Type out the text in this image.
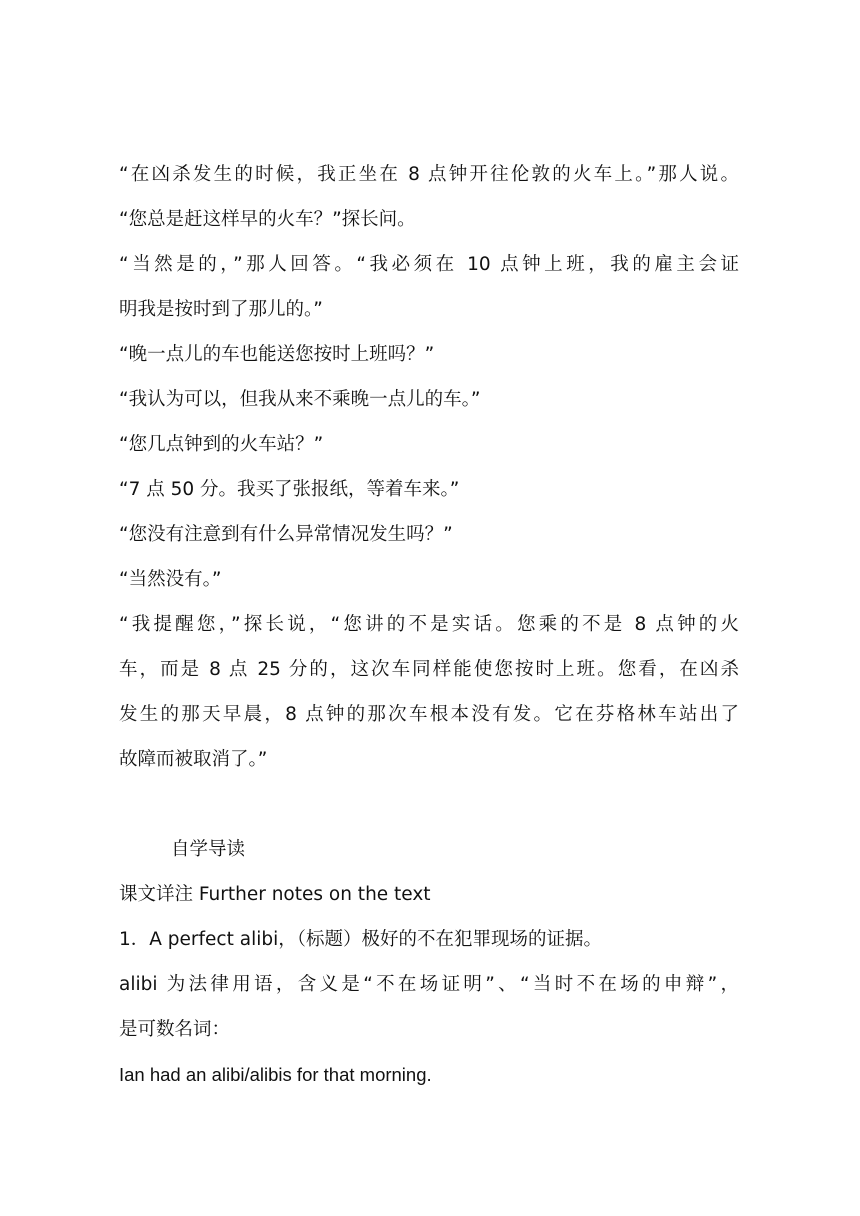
“在凶杀发生的时候，我正坐在 8 点钟开往伦敦的火车上。”那人说。
“您总是赶这样早的火车？”探长问。
“当然是的，”那人回答。“我必须在 10 点钟上班，我的雇主会证
明我是按时到了那儿的。”
“晚一点儿的车也能送您按时上班吗？”
“我认为可以，但我从来不乘晚一点儿的车。”
“您几点钟到的火车站？”
“7 点 50 分。我买了张报纸，等着车来。”
“您没有注意到有什么异常情况发生吗？”
“当然没有。”
“我提醒您，”探长说，“您讲的不是实话。您乘的不是 8 点钟的火
车，而是 8 点 25 分的，这次车同样能使您按时上班。您看，在凶杀
发生的那天早晨，8 点钟的那次车根本没有发。它在芬格林车站出了
故障而被取消了。”
自学导读
课文详注 Further notes on the text
1．A perfect alibi，（标题）极好的不在犯罪现场的证据。
alibi 为法律用语，含义是“不在场证明”、“当时不在场的申辩”，
是可数名词：
Ian had an alibi/alibis for that morning.
